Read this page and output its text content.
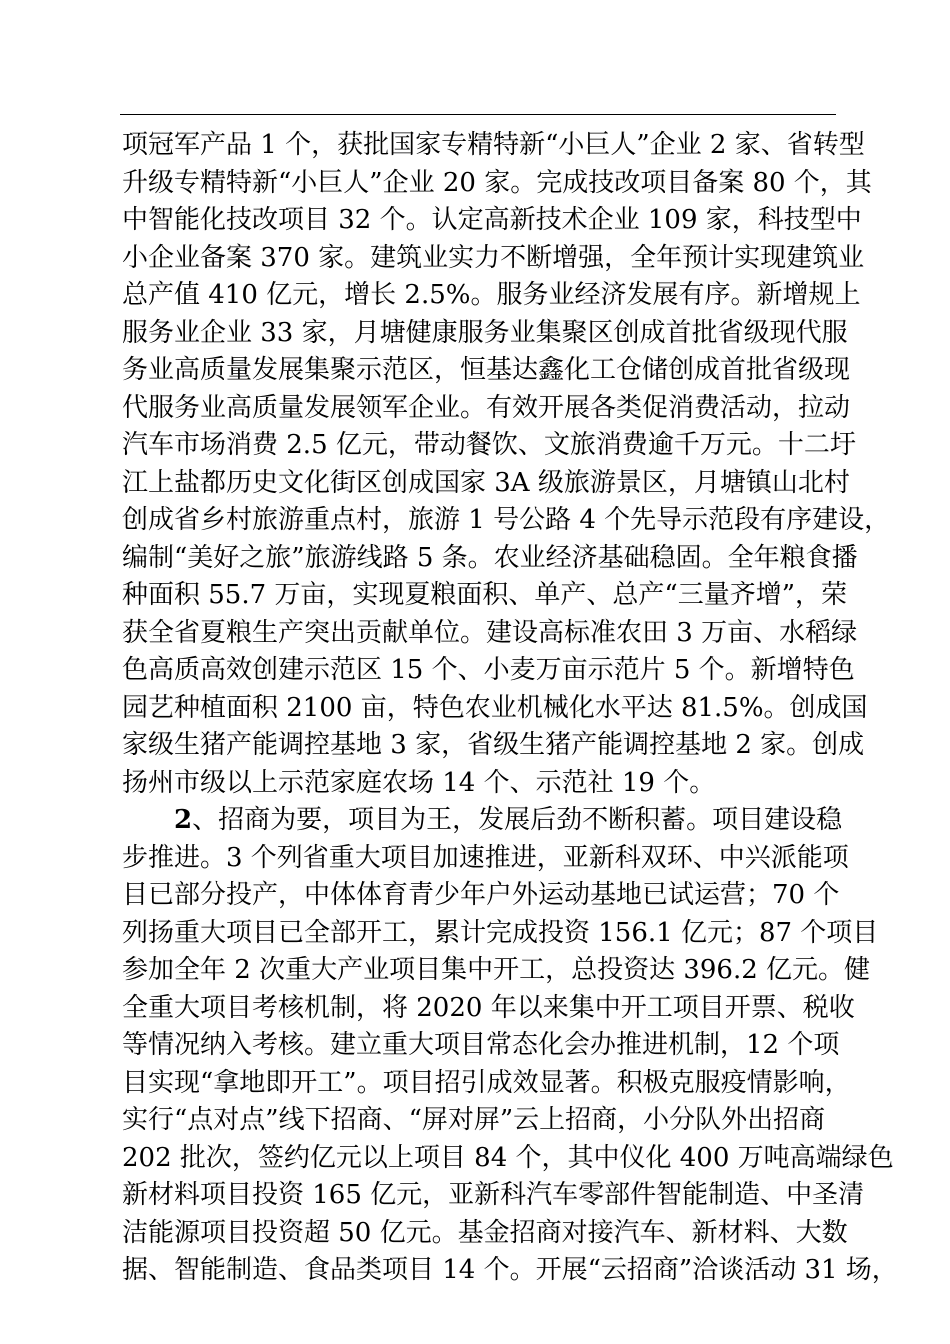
项冠军产品 1 个，获批国家专精特新“小巨人”企业 2 家、省转型
升级专精特新“小巨人”企业 20 家。完成技改项目备案 80 个，其
中智能化技改项目 32 个。认定高新技术企业 109 家，科技型中
小企业备案 370 家。建筑业实力不断增强，全年预计实现建筑业
总产值 410 亿元，增长 2.5%。服务业经济发展有序。新增规上
服务业企业 33 家，月塘健康服务业集聚区创成首批省级现代服
务业高质量发展集聚示范区，恒基达鑫化工仓储创成首批省级现
代服务业高质量发展领军企业。有效开展各类促消费活动，拉动
汽车市场消费 2.5 亿元，带动餐饮、文旅消费逾千万元。十二圩
江上盐都历史文化街区创成国家 3A 级旅游景区，月塘镇山北村
创成省乡村旅游重点村，旅游 1 号公路 4 个先导示范段有序建设，
编制“美好之旅”旅游线路 5 条。农业经济基础稳固。全年粮食播
种面积 55.7 万亩，实现夏粮面积、单产、总产“三量齐增”，荣
获全省夏粮生产突出贡献单位。建设高标准农田 3 万亩、水稻绿
色高质高效创建示范区 15 个、小麦万亩示范片 5 个。新增特色
园艺种植面积 2100 亩，特色农业机械化水平达 81.5%。创成国
家级生猪产能调控基地 3 家，省级生猪产能调控基地 2 家。创成
扬州市级以上示范家庭农场 14 个、示范社 19 个。
2、招商为要，项目为王，发展后劲不断积蓄。项目建设稳
步推进。3 个列省重大项目加速推进，亚新科双环、中兴派能项
目已部分投产，中体体育青少年户外运动基地已试运营；70 个
列扬重大项目已全部开工，累计完成投资 156.1 亿元；87 个项目
参加全年 2 次重大产业项目集中开工，总投资达 396.2 亿元。健
全重大项目考核机制，将 2020 年以来集中开工项目开票、税收
等情况纳入考核。建立重大项目常态化会办推进机制，12 个项
目实现“拿地即开工”。项目招引成效显著。积极克服疫情影响，
实行“点对点”线下招商、“屏对屏”云上招商，小分队外出招商
202 批次，签约亿元以上项目 84 个，其中仪化 400 万吨高端绿色
新材料项目投资 165 亿元，亚新科汽车零部件智能制造、中圣清
洁能源项目投资超 50 亿元。基金招商对接汽车、新材料、大数
据、智能制造、食品类项目 14 个。开展“云招商”洽谈活动 31 场，
